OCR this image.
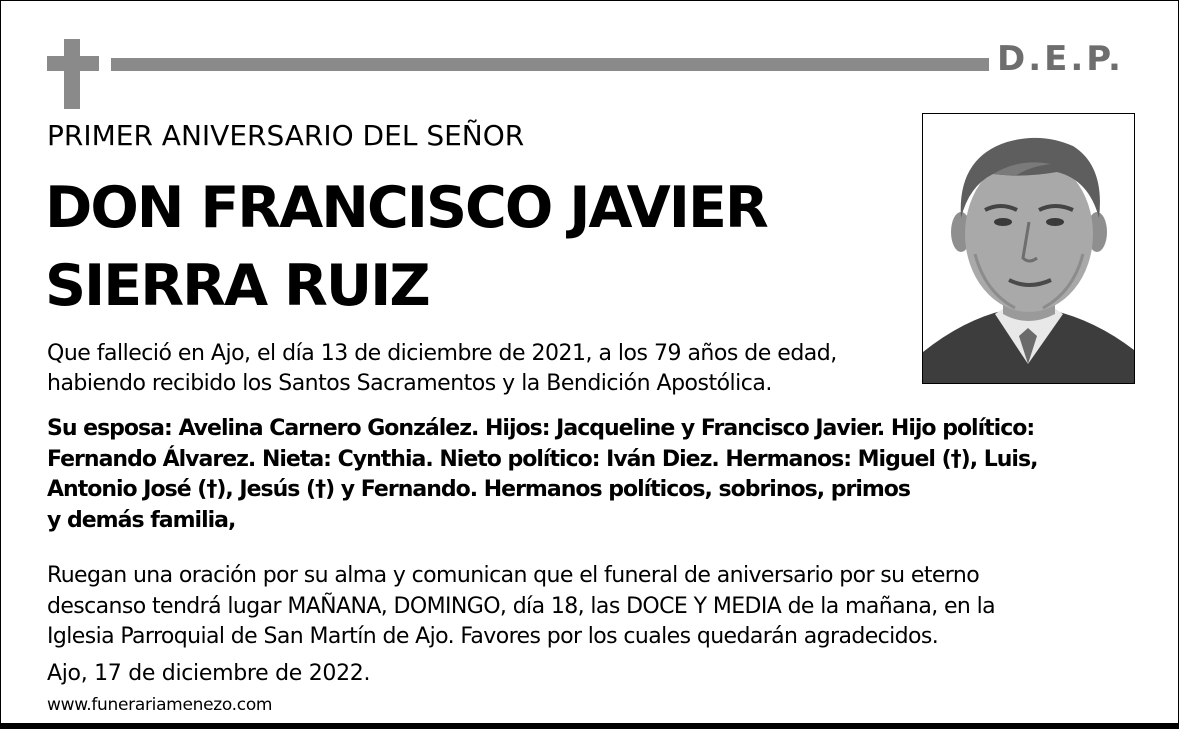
D.E.P.
PRIMER ANIVERSARIO DEL SEÑOR
DON FRANCISCO JAVIER
SIERRA RUIZ
Que falleció en Ajo, el día 13 de diciembre de 2021, a los 79 años de edad,
habiendo recibido los Santos Sacramentos y la Bendición Apostólica.
Su esposa: Avelina Carnero González. Hijos: Jacqueline y Francisco Javier. Hijo político:
Fernando Álvarez. Nieta: Cynthia. Nieto político: Iván Diez. Hermanos: Miguel (†), Luis,
Antonio José (†), Jesús (†) y Fernando. Hermanos políticos, sobrinos, primos
y demás familia,
Ruegan una oración por su alma y comunican que el funeral de aniversario por su eterno
descanso tendrá lugar MAÑANA, DOMINGO, día 18, las DOCE Y MEDIA de la mañana, en la
Iglesia Parroquial de San Martín de Ajo. Favores por los cuales quedarán agradecidos.
Ajo, 17 de diciembre de 2022.
www.funerariamenezo.com
